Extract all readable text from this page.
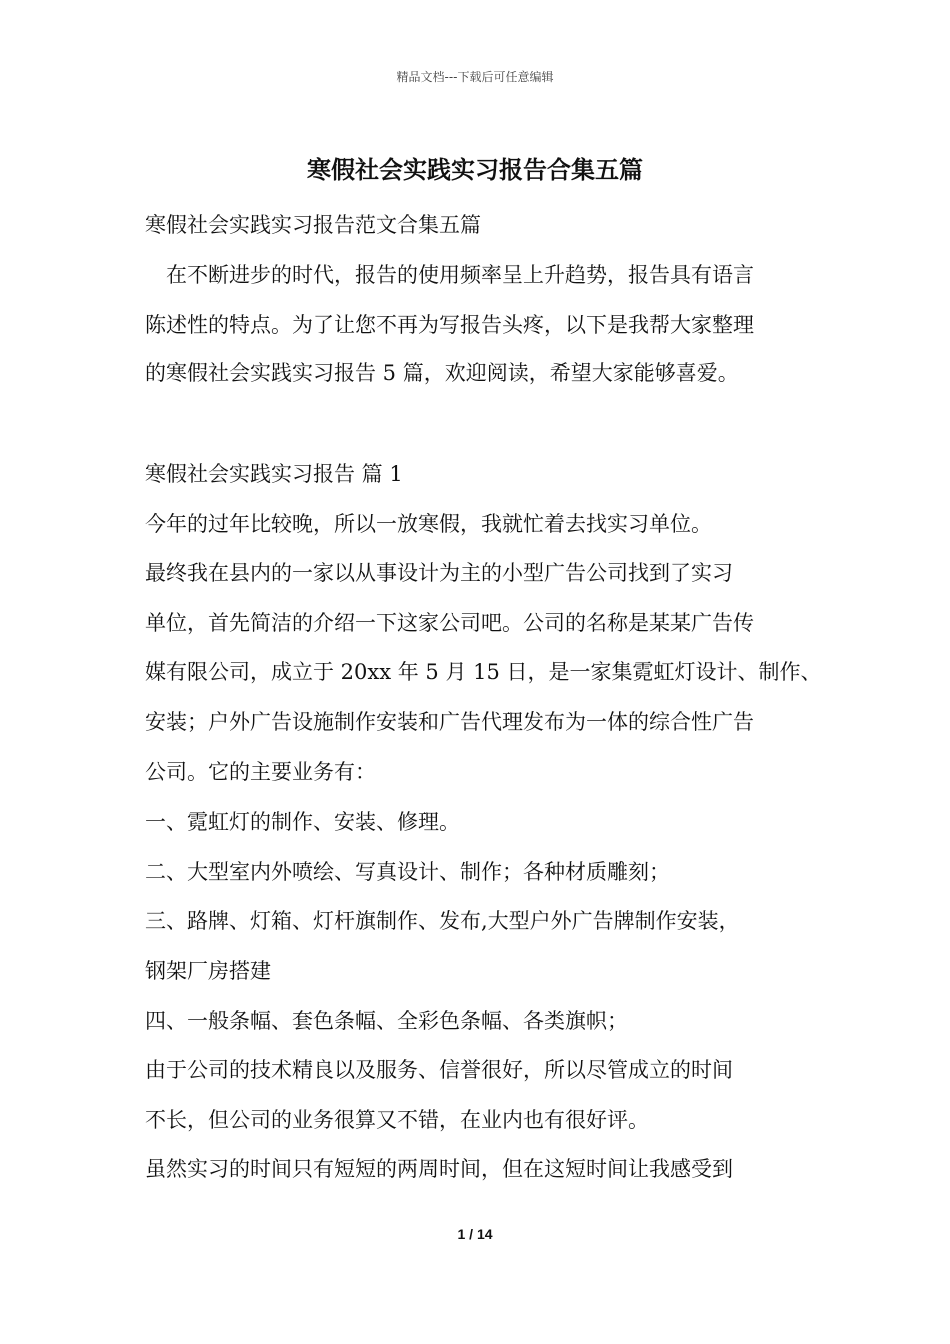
精品文档---下载后可任意编辑
寒假社会实践实习报告合集五篇
寒假社会实践实习报告范文合集五篇
　在不断进步的时代，报告的使用频率呈上升趋势，报告具有语言
陈述性的特点。为了让您不再为写报告头疼，以下是我帮大家整理
的寒假社会实践实习报告 5 篇，欢迎阅读，希望大家能够喜爱。
寒假社会实践实习报告 篇 1
今年的过年比较晚，所以一放寒假，我就忙着去找实习单位。
最终我在县内的一家以从事设计为主的小型广告公司找到了实习
单位，首先简洁的介绍一下这家公司吧。公司的名称是某某广告传
媒有限公司，成立于 20xx 年 5 月 15 日，是一家集霓虹灯设计、制作、
安装；户外广告设施制作安装和广告代理发布为一体的综合性广告
公司。它的主要业务有：
一、霓虹灯的制作、安装、修理。
二、大型室内外喷绘、写真设计、制作；各种材质雕刻；
三、路牌、灯箱、灯杆旗制作、发布,大型户外广告牌制作安装，
钢架厂房搭建
四、一般条幅、套色条幅、全彩色条幅、各类旗帜；
由于公司的技术精良以及服务、信誉很好，所以尽管成立的时间
不长，但公司的业务很算又不错，在业内也有很好评。
虽然实习的时间只有短短的两周时间，但在这短时间让我感受到
1 / 14
